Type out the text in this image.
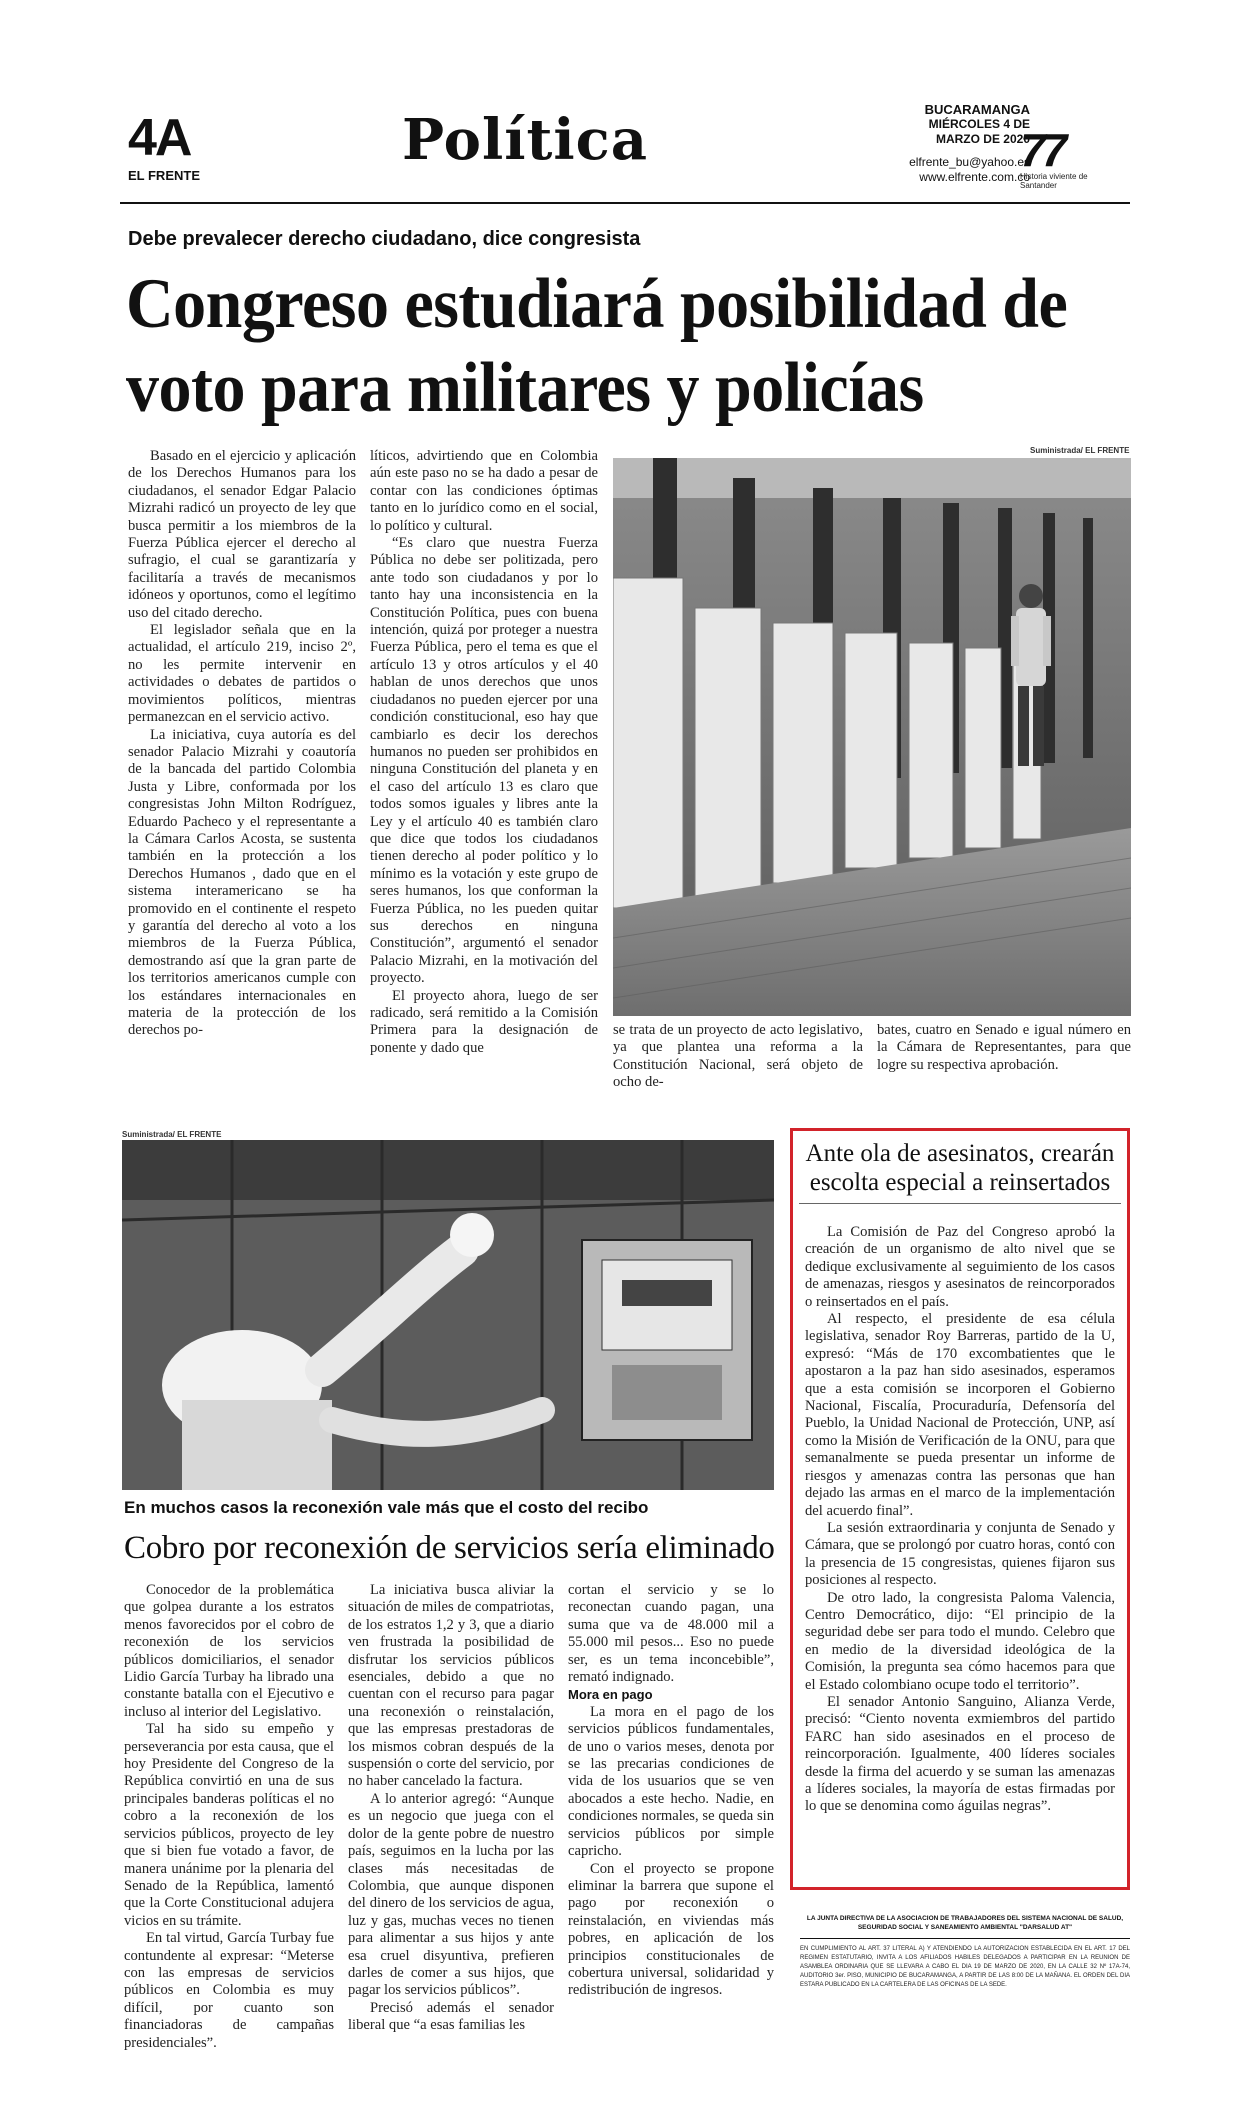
4A
EL FRENTE
Política	BUCARAMANGA
MIÉRCOLES 4 DE MARZO DE 2020
elfrente_bu@yahoo.es
www.elfrente.com.co
77
Historia viviente de Santander
Debe prevalecer derecho ciudadano, dice congresista
Congreso estudiará posibilidad de voto para militares y policías

Basado en el ejercicio y aplicación de los Derechos Humanos para los ciudadanos, el senador Edgar Palacio Mizrahi radicó un proyecto de ley que busca permitir a los miembros de la Fuerza Pública ejercer el derecho al sufragio, el cual se garantizaría y facilitaría a través de mecanismos idóneos y oportunos, como el legítimo uso del citado derecho.

El legislador señala que en la actualidad, el artículo 219, inciso 2º, no les permite intervenir en actividades o debates de partidos o movimientos políticos, mientras permanezcan en el servicio activo.

La iniciativa, cuya autoría es del senador Palacio Mizrahi y coautoría de la bancada del partido Colombia Justa y Libre, conformada por los congresistas John Milton Rodríguez, Eduardo Pacheco y el representante a la Cámara Carlos Acosta, se sustenta también en la protección a los Derechos Humanos , dado que en el sistema interamericano se ha promovido en el continente el respeto y garantía del derecho al voto a los miembros de la Fuerza Pública, demostrando así que la gran parte de los territorios americanos cumple con los estándares internacionales en materia de la protección de los derechos po-

líticos, advirtiendo que en Colombia aún este paso no se ha dado a pesar de contar con las condiciones óptimas tanto en lo jurídico como en el social, lo político y cultural.

“Es claro que nuestra Fuerza Pública no debe ser politizada, pero ante todo son ciudadanos y por lo tanto hay una inconsistencia en la Constitución Política, pues con buena intención, quizá por proteger a nuestra Fuerza Pública, pero el tema es que el artículo 13 y otros artículos y el 40 hablan de unos derechos que unos ciudadanos no pueden ejercer por una condición constitucional, eso hay que cambiarlo es decir los derechos humanos no pueden ser prohibidos en ninguna Constitución del planeta y en el caso del artículo 13 es claro que todos somos iguales y libres ante la Ley y el artículo 40 es también claro que dice que todos los ciudadanos tienen derecho al poder político y lo mínimo es la votación y este grupo de seres humanos, los que conforman la Fuerza Pública, no les pueden quitar sus derechos en ninguna Constitución”, argumentó el senador Palacio Mizrahi, en la motivación del proyecto.

El proyecto ahora, luego de ser radicado, será remitido a la Comisión Primera para la designación de ponente y dado que

Suministrada/ EL FRENTE

se trata de un proyecto de acto legislativo, ya que plantea una reforma a la Constitución Nacional, será objeto de ocho de-

bates, cuatro en Senado e igual número en la Cámara de Representantes, para que logre su respectiva aprobación.

Suministrada/ EL FRENTE
En muchos casos la reconexión vale más que el costo del recibo
Cobro por reconexión de servicios sería eliminado

Conocedor de la problemática que golpea durante a los estratos menos favorecidos por el cobro de reconexión de los servicios públicos domiciliarios, el senador Lidio García Turbay ha librado una constante batalla con el Ejecutivo e incluso al interior del Legislativo.

Tal ha sido su empeño y perseverancia por esta causa, que el hoy Presidente del Congreso de la República convirtió en una de sus principales banderas políticas el no cobro a la reconexión de los servicios públicos, proyecto de ley que si bien fue votado a favor, de manera unánime por la plenaria del Senado de la República, lamentó que la Corte Constitucional adujera vicios en su trámite.

En tal virtud, García Turbay fue contundente al expresar: “Meterse con las empresas de servicios públicos en Colombia es muy difícil, por cuanto son financiadoras de campañas presidenciales”.

La iniciativa busca aliviar la situación de miles de compatriotas, de los estratos 1,2 y 3, que a diario ven frustrada la posibilidad de disfrutar los servicios públicos esenciales, debido a que no cuentan con el recurso para pagar una reconexión o reinstalación, que las empresas prestadoras de los mismos cobran después de la suspensión o corte del servicio, por no haber cancelado la factura.

A lo anterior agregó: “Aunque es un negocio que juega con el dolor de la gente pobre de nuestro país, seguimos en la lucha por las clases más necesitadas de Colombia, que aunque disponen del dinero de los servicios de agua, luz y gas, muchas veces no tienen para alimentar a sus hijos y ante esa cruel disyuntiva, prefieren darles de comer a sus hijos, que pagar los servicios públicos”.

Precisó además el senador liberal que “a esas familias les

cortan el servicio y se lo reconectan cuando pagan, una suma que va de 48.000 mil a 55.000 mil pesos... Eso no puede ser, es un tema inconcebible”, remató indignado.

Mora en pago

La mora en el pago de los servicios públicos fundamentales, de uno o varios meses, denota por se las precarias condiciones de vida de los usuarios que se ven abocados a este hecho. Nadie, en condiciones normales, se queda sin servicios públicos por simple capricho.

Con el proyecto se propone eliminar la barrera que supone el pago por reconexión o reinstalación, en viviendas más pobres, en aplicación de los principios constitucionales de cobertura universal, solidaridad y redistribución de ingresos.

Ante ola de asesinatos, crearán escolta especial a reinsertados

La Comisión de Paz del Congreso aprobó la creación de un organismo de alto nivel que se dedique exclusivamente al seguimiento de los casos de amenazas, riesgos y asesinatos de reincorporados o reinsertados en el país.

Al respecto, el presidente de esa célula legislativa, senador Roy Barreras, partido de la U, expresó: “Más de 170 excombatientes que le apostaron a la paz han sido asesinados, esperamos que a esta comisión se incorporen el Gobierno Nacional, Fiscalía, Procuraduría, Defensoría del Pueblo, la Unidad Nacional de Protección, UNP, así como la Misión de Verificación de la ONU, para que semanalmente se pueda presentar un informe de riesgos y amenazas contra las personas que han dejado las armas en el marco de la implementación del acuerdo final”.

La sesión extraordinaria y conjunta de Senado y Cámara, que se prolongó por cuatro horas, contó con la presencia de 15 congresistas, quienes fijaron sus posiciones al respecto.

De otro lado, la congresista Paloma Valencia, Centro Democrático, dijo: “El principio de la seguridad debe ser para todo el mundo. Celebro que en medio de la diversidad ideológica de la Comisión, la pregunta sea cómo hacemos para que el Estado colombiano ocupe todo el territorio”.

El senador Antonio Sanguino, Alianza Verde, precisó: “Ciento noventa exmiembros del partido FARC han sido asesinados en el proceso de reincorporación. Igualmente, 400 líderes sociales desde la firma del acuerdo y se suman las amenazas a líderes sociales, la mayoría de estas firmadas por lo que se denomina como águilas negras”.

LA JUNTA DIRECTIVA DE LA ASOCIACION DE TRABAJADORES DEL SISTEMA NACIONAL DE SALUD, SEGURIDAD SOCIAL Y SANEAMIENTO AMBIENTAL "DARSALUD AT"
EN CUMPLIMIENTO AL ART. 37 LITERAL A) Y ATENDIENDO LA AUTORIZACION ESTABLECIDA EN EL ART. 17 DEL REGIMEN ESTATUTARIO, INVITA A LOS AFILIADOS HABILES DELEGADOS A PARTICIPAR EN LA REUNION DE ASAMBLEA ORDINARIA QUE SE LLEVARA A CABO EL DIA 19 DE MARZO DE 2020, EN LA CALLE 32 Nº 17A-74, AUDITORIO 3er. PISO, MUNICIPIO DE BUCARAMANGA, A PARTIR DE LAS 8:00 DE LA MAÑANA. EL ORDEN DEL DIA ESTARA PUBLICADO EN LA CARTELERA DE LAS OFICINAS DE LA SEDE.
